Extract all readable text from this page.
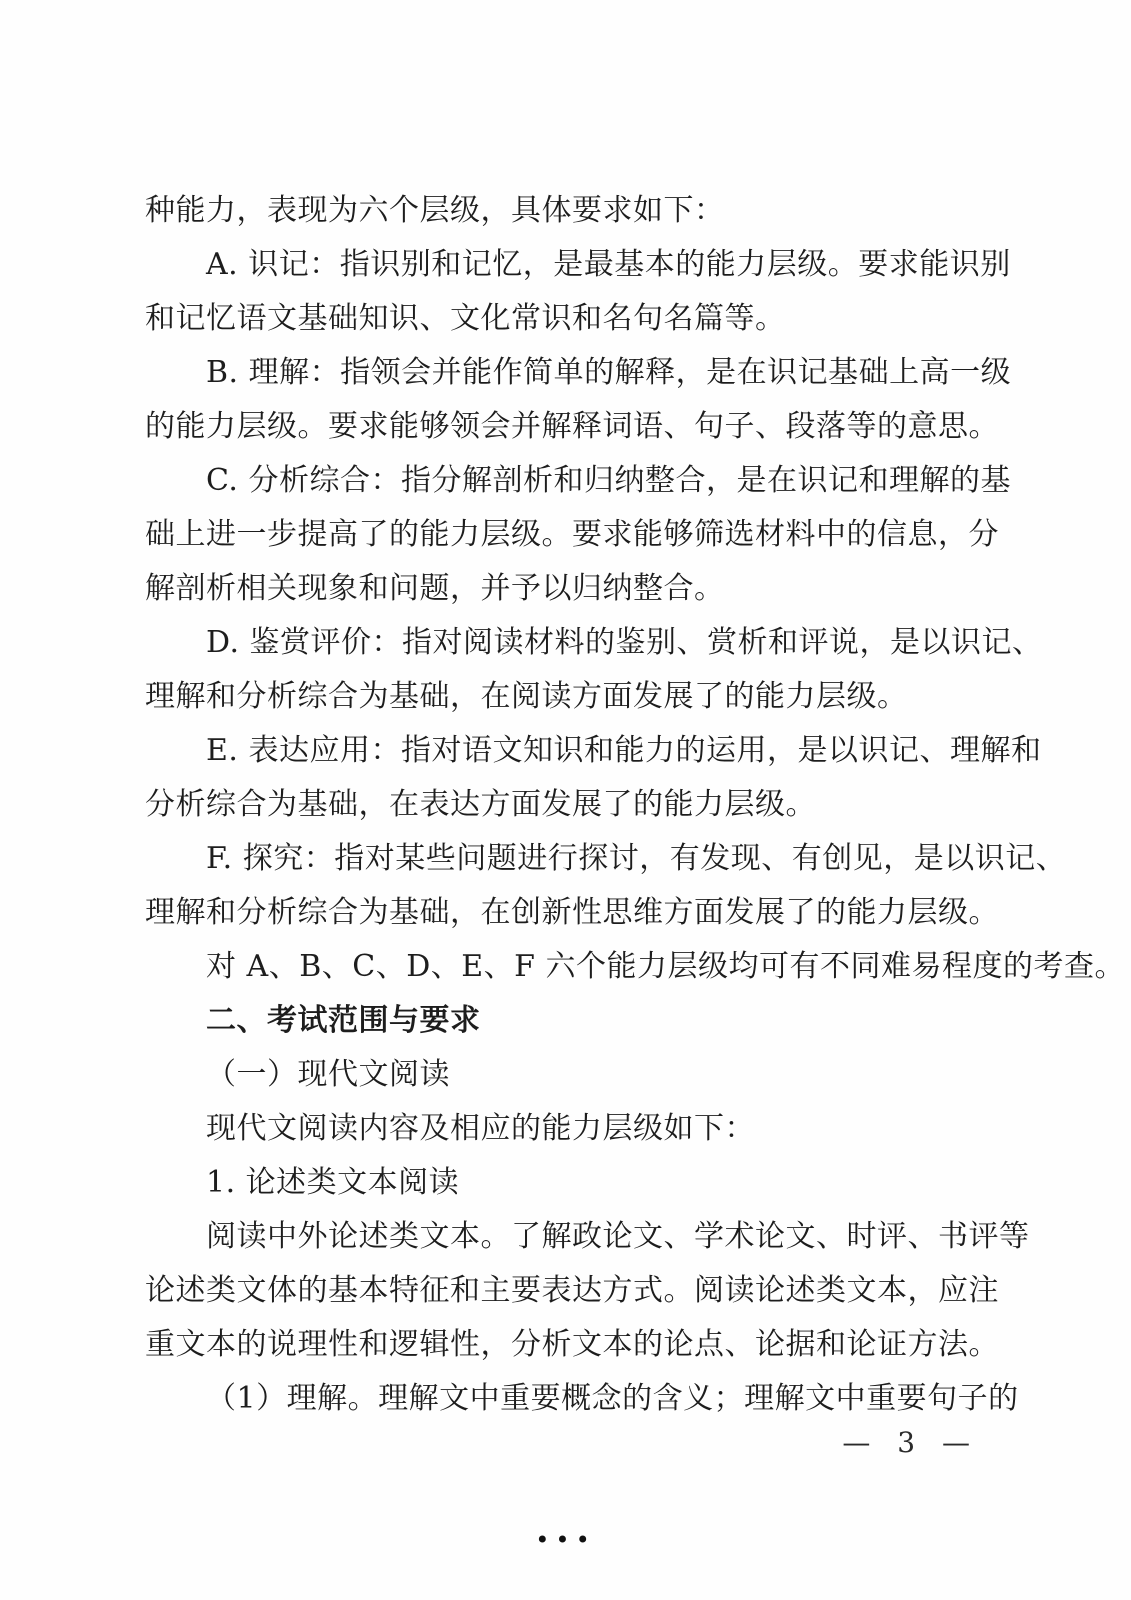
种能力，表现为六个层级，具体要求如下：
A. 识记：指识别和记忆，是最基本的能力层级。要求能识别
和记忆语文基础知识、文化常识和名句名篇等。
B. 理解：指领会并能作简单的解释，是在识记基础上高一级
的能力层级。要求能够领会并解释词语、句子、段落等的意思。
C. 分析综合：指分解剖析和归纳整合，是在识记和理解的基
础上进一步提高了的能力层级。要求能够筛选材料中的信息，分
解剖析相关现象和问题，并予以归纳整合。
D. 鉴赏评价：指对阅读材料的鉴别、赏析和评说，是以识记、
理解和分析综合为基础，在阅读方面发展了的能力层级。
E. 表达应用：指对语文知识和能力的运用，是以识记、理解和
分析综合为基础，在表达方面发展了的能力层级。
F. 探究：指对某些问题进行探讨，有发现、有创见，是以识记、
理解和分析综合为基础，在创新性思维方面发展了的能力层级。
对 A、B、C、D、E、F 六个能力层级均可有不同难易程度的考查。
二、考试范围与要求
（一）现代文阅读
现代文阅读内容及相应的能力层级如下：
1. 论述类文本阅读
阅读中外论述类文本。了解政论文、学术论文、时评、书评等
论述类文体的基本特征和主要表达方式。阅读论述类文本，应注
重文本的说理性和逻辑性，分析文本的论点、论据和论证方法。
（1）理解。理解文中重要概念的含义；理解文中重要句子的
— 3 —
•••
